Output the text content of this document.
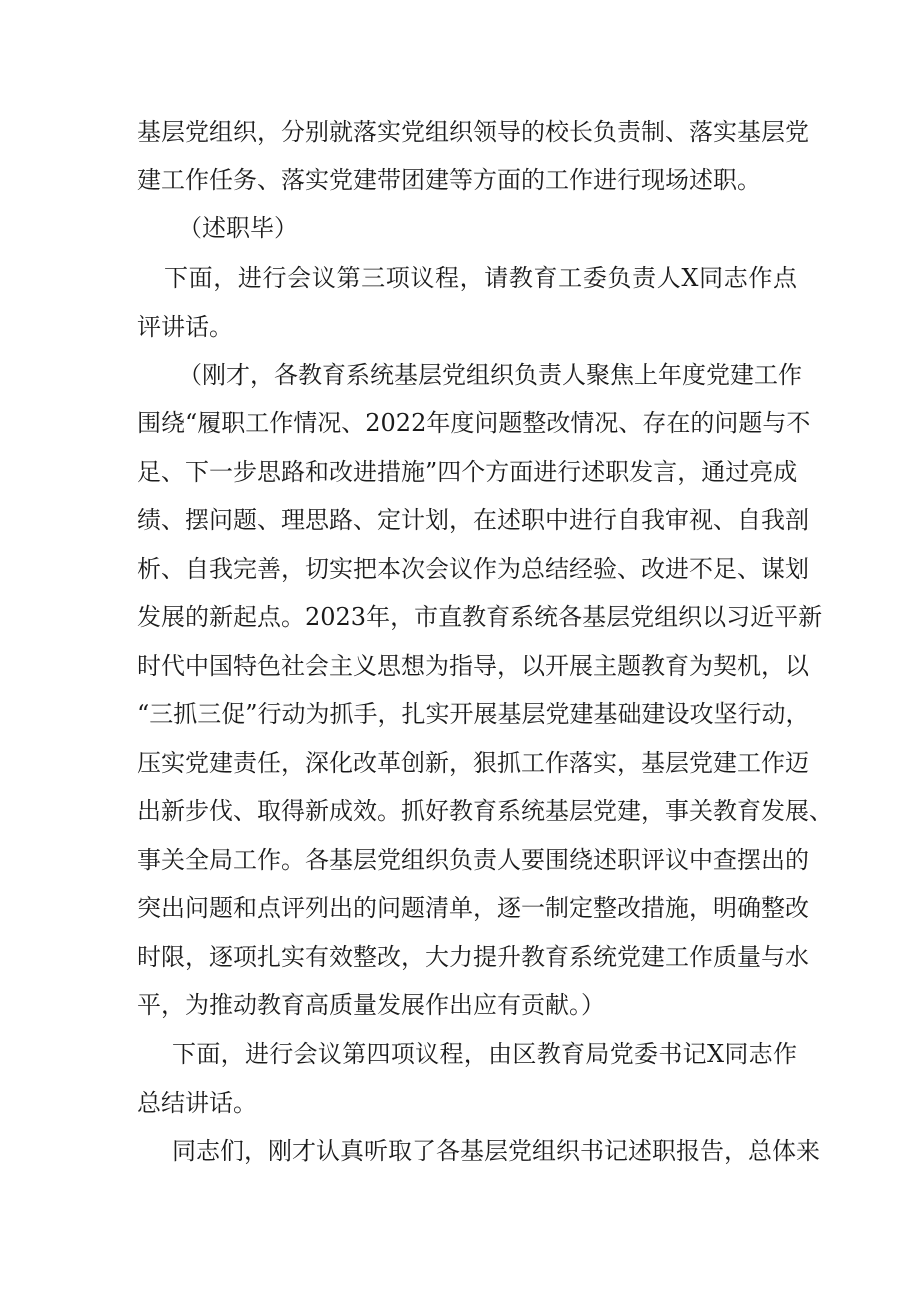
基层党组织，分别就落实党组织领导的校长负责制、落实基层党
建工作任务、落实党建带团建等方面的工作进行现场述职。
（述职毕）
下面，进行会议第三项议程，请教育工委负责人X同志作点
评讲话。
（刚才，各教育系统基层党组织负责人聚焦上年度党建工作
围绕“履职工作情况、2022年度问题整改情况、存在的问题与不
足、下一步思路和改进措施”四个方面进行述职发言，通过亮成
绩、摆问题、理思路、定计划，在述职中进行自我审视、自我剖
析、自我完善，切实把本次会议作为总结经验、改进不足、谋划
发展的新起点。2023年，市直教育系统各基层党组织以习近平新
时代中国特色社会主义思想为指导，以开展主题教育为契机，以
“三抓三促”行动为抓手，扎实开展基层党建基础建设攻坚行动，
压实党建责任，深化改革创新，狠抓工作落实，基层党建工作迈
出新步伐、取得新成效。抓好教育系统基层党建，事关教育发展、
事关全局工作。各基层党组织负责人要围绕述职评议中查摆出的
突出问题和点评列出的问题清单，逐一制定整改措施，明确整改
时限，逐项扎实有效整改，大力提升教育系统党建工作质量与水
平，为推动教育高质量发展作出应有贡献。）
下面，进行会议第四项议程，由区教育局党委书记X同志作
总结讲话。
同志们，刚才认真听取了各基层党组织书记述职报告，总体来
